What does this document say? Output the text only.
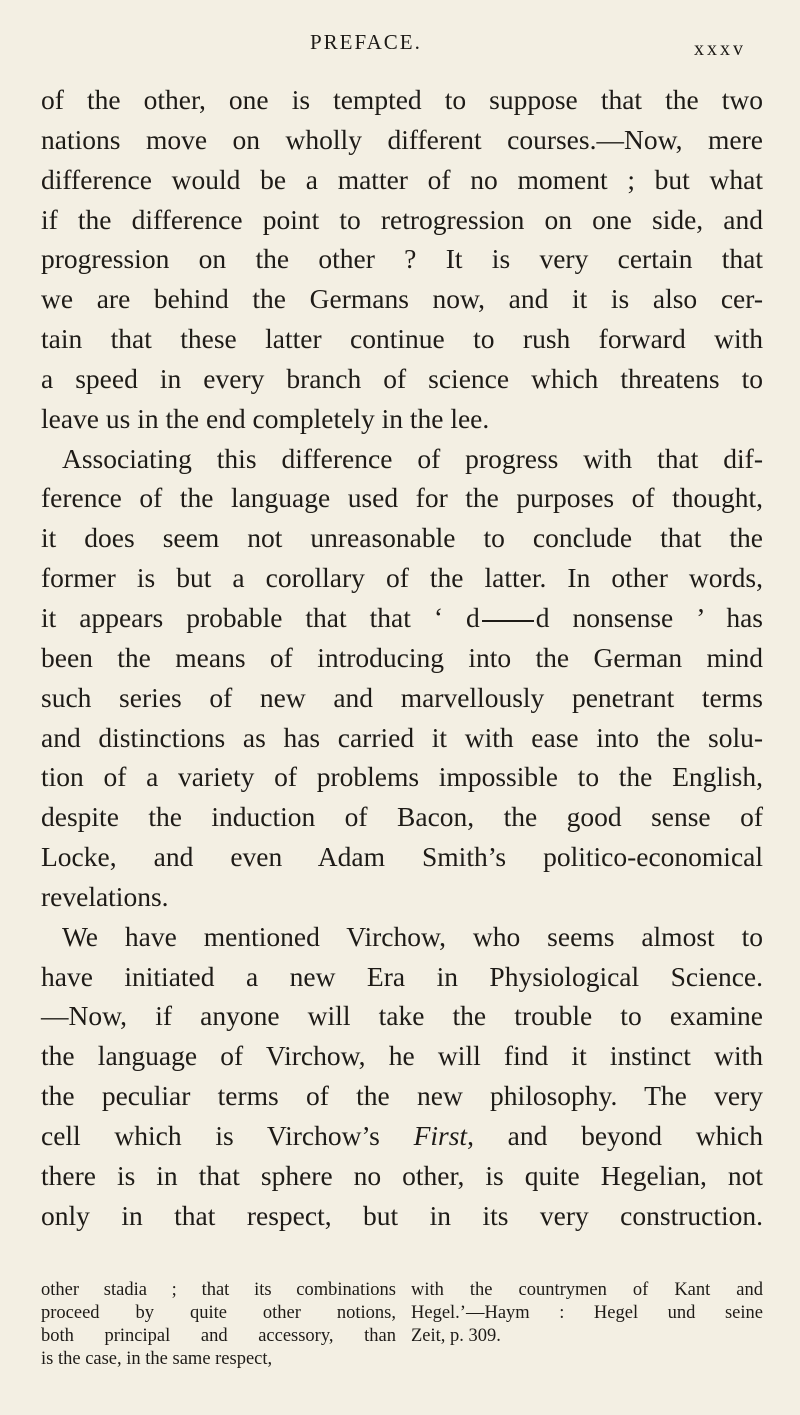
PREFACE.	xxxv
of the other, one is tempted to suppose that the two
nations move on wholly different courses.—Now, mere
difference would be a matter of no moment ; but what
if the difference point to retrogression on one side, and
progression on the other ? It is very certain that
we are behind the Germans now, and it is also cer-
tain that these latter continue to rush forward with
a speed in every branch of science which threatens to
leave us in the end completely in the lee.
Associating this difference of progress with that dif-
ference of the language used for the purposes of thought,
it does seem not unreasonable to conclude that the
former is but a corollary of the latter. In other words,
it appears probable that that ‘ d d nonsense ’ has
been the means of introducing into the German mind
such series of new and marvellously penetrant terms
and distinctions as has carried it with ease into the solu-
tion of a variety of problems impossible to the English,
despite the induction of Bacon, the good sense of
Locke, and even Adam Smith’s politico-economical
revelations.
We have mentioned Virchow, who seems almost to
have initiated a new Era in Physiological Science.
—Now, if anyone will take the trouble to examine
the language of Virchow, he will find it instinct with
the peculiar terms of the new philosophy. The very
cell which is Virchow’s First, and beyond which
there is in that sphere no other, is quite Hegelian, not
only in that respect, but in its very construction.
other stadia ; that its combinations
proceed by quite other notions,
both principal and accessory, than
is the case, in the same respect,
with the countrymen of Kant and
Hegel.’—Haym : Hegel und seine
Zeit, p. 309.
